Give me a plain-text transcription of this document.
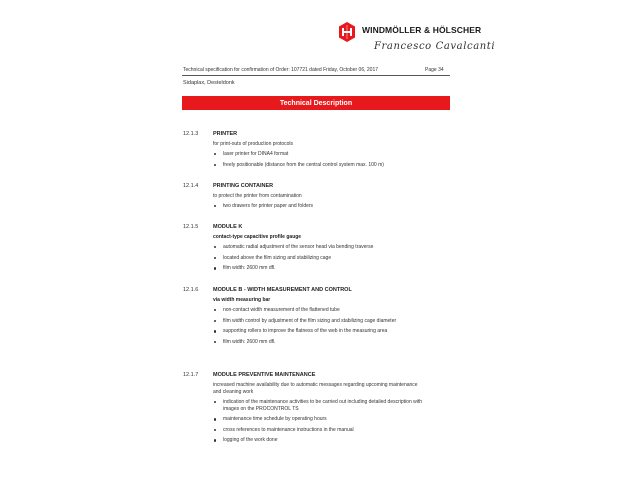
WINDMÖLLER & HÖLSCHER
Francesco Cavalcanti
Technical specification for confirmation of Order: 107721 dated Friday, October 06, 2017	Page 34
Sidaplax, Desteldonk
Technical Description
12.1.3	PRINTER

for print-outs of production protocols

laser printer for DINA4 format
freely positionable (distance from the central control system max. 100 m)
12.1.4	PRINTING CONTAINER

to protect the printer from contamination

two drawers for printer paper and folders
12.1.5	MODULE K

contact-type capacitive profile gauge

automatic radial adjustment of the sensor head via bending traverse
located above the film sizing and stabilizing cage
film width: 2600 mm dfl.
12.1.6	MODULE B - WIDTH MEASUREMENT AND CONTROL

via width measuring bar

non-contact width measurement of the flattened tube
film width control by adjustment of the film sizing and stabilizing cage diameter
supporting rollers to improve the flatness of the web in the measuring area
film width: 2600 mm dfl.
12.1.7	MODULE PREVENTIVE MAINTENANCE

increased machine availability due to automatic messages regarding upcoming maintenance and cleaning work

indication of the maintenance activities to be carried out including detailed description with images on the PROCONTROL TS
maintenance time schedule by operating hours
cross references to maintenance instructions in the manual
logging of the work done
